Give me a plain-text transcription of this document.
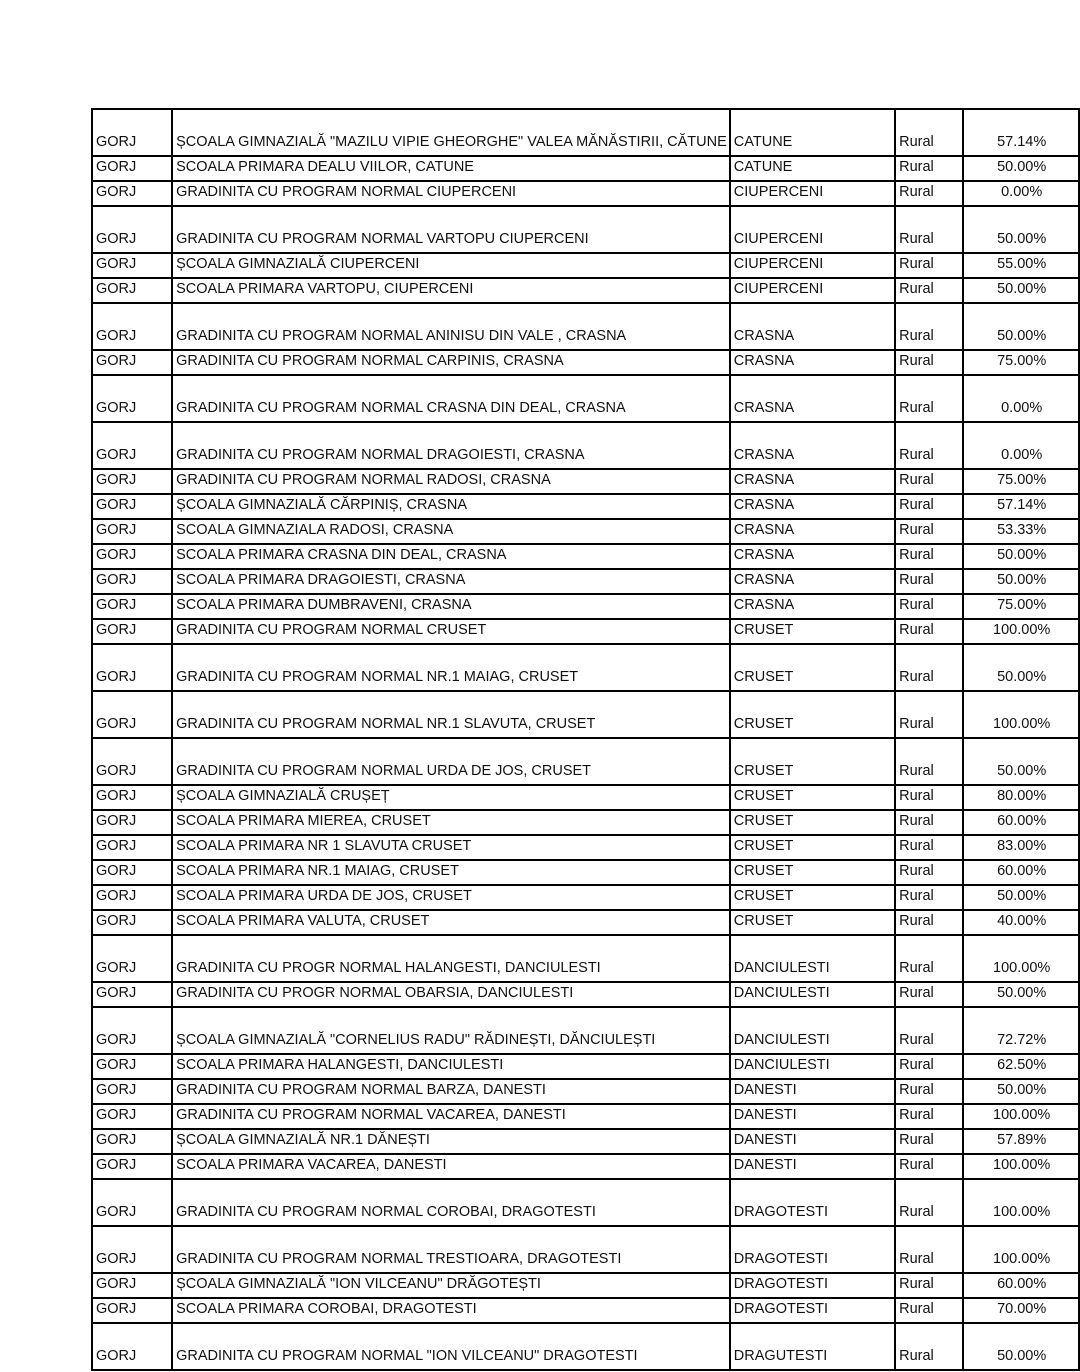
GORJ	ȘCOALA GIMNAZIALĂ "MAZILU VIPIE GHEORGHE" VALEA MĂNĂSTIRII, CĂTUNE	CATUNE	Rural	57.14%
GORJ	SCOALA PRIMARA DEALU VIILOR, CATUNE	CATUNE	Rural	50.00%
GORJ	GRADINITA CU PROGRAM NORMAL CIUPERCENI	CIUPERCENI	Rural	0.00%
GORJ	GRADINITA CU PROGRAM NORMAL VARTOPU CIUPERCENI	CIUPERCENI	Rural	50.00%
GORJ	ȘCOALA GIMNAZIALĂ CIUPERCENI	CIUPERCENI	Rural	55.00%
GORJ	SCOALA PRIMARA VARTOPU, CIUPERCENI	CIUPERCENI	Rural	50.00%
GORJ	GRADINITA CU PROGRAM NORMAL ANINISU DIN VALE , CRASNA	CRASNA	Rural	50.00%
GORJ	GRADINITA CU PROGRAM NORMAL CARPINIS, CRASNA	CRASNA	Rural	75.00%
GORJ	GRADINITA CU PROGRAM NORMAL CRASNA DIN DEAL, CRASNA	CRASNA	Rural	0.00%
GORJ	GRADINITA CU PROGRAM NORMAL DRAGOIESTI, CRASNA	CRASNA	Rural	0.00%
GORJ	GRADINITA CU PROGRAM NORMAL RADOSI, CRASNA	CRASNA	Rural	75.00%
GORJ	ȘCOALA GIMNAZIALĂ CĂRPINIȘ, CRASNA	CRASNA	Rural	57.14%
GORJ	SCOALA GIMNAZIALA RADOSI, CRASNA	CRASNA	Rural	53.33%
GORJ	SCOALA PRIMARA CRASNA DIN DEAL, CRASNA	CRASNA	Rural	50.00%
GORJ	SCOALA PRIMARA DRAGOIESTI, CRASNA	CRASNA	Rural	50.00%
GORJ	SCOALA PRIMARA DUMBRAVENI, CRASNA	CRASNA	Rural	75.00%
GORJ	GRADINITA CU PROGRAM NORMAL CRUSET	CRUSET	Rural	100.00%
GORJ	GRADINITA CU PROGRAM NORMAL NR.1 MAIAG, CRUSET	CRUSET	Rural	50.00%
GORJ	GRADINITA CU PROGRAM NORMAL NR.1 SLAVUTA, CRUSET	CRUSET	Rural	100.00%
GORJ	GRADINITA CU PROGRAM NORMAL URDA DE JOS, CRUSET	CRUSET	Rural	50.00%
GORJ	ȘCOALA GIMNAZIALĂ CRUȘEȚ	CRUSET	Rural	80.00%
GORJ	SCOALA PRIMARA MIEREA, CRUSET	CRUSET	Rural	60.00%
GORJ	SCOALA PRIMARA NR 1 SLAVUTA CRUSET	CRUSET	Rural	83.00%
GORJ	SCOALA PRIMARA NR.1 MAIAG, CRUSET	CRUSET	Rural	60.00%
GORJ	SCOALA PRIMARA URDA DE JOS, CRUSET	CRUSET	Rural	50.00%
GORJ	SCOALA PRIMARA VALUTA, CRUSET	CRUSET	Rural	40.00%
GORJ	GRADINITA CU PROGR NORMAL HALANGESTI, DANCIULESTI	DANCIULESTI	Rural	100.00%
GORJ	GRADINITA CU PROGR NORMAL OBARSIA, DANCIULESTI	DANCIULESTI	Rural	50.00%
GORJ	ȘCOALA GIMNAZIALĂ "CORNELIUS RADU" RĂDINEȘTI, DĂNCIULEȘTI	DANCIULESTI	Rural	72.72%
GORJ	SCOALA PRIMARA HALANGESTI, DANCIULESTI	DANCIULESTI	Rural	62.50%
GORJ	GRADINITA CU PROGRAM NORMAL BARZA, DANESTI	DANESTI	Rural	50.00%
GORJ	GRADINITA CU PROGRAM NORMAL VACAREA, DANESTI	DANESTI	Rural	100.00%
GORJ	ȘCOALA GIMNAZIALĂ NR.1 DĂNEȘTI	DANESTI	Rural	57.89%
GORJ	SCOALA PRIMARA VACAREA, DANESTI	DANESTI	Rural	100.00%
GORJ	GRADINITA CU PROGRAM NORMAL COROBAI, DRAGOTESTI	DRAGOTESTI	Rural	100.00%
GORJ	GRADINITA CU PROGRAM NORMAL TRESTIOARA, DRAGOTESTI	DRAGOTESTI	Rural	100.00%
GORJ	ȘCOALA GIMNAZIALĂ "ION VILCEANU" DRĂGOTEȘTI	DRAGOTESTI	Rural	60.00%
GORJ	SCOALA PRIMARA COROBAI, DRAGOTESTI	DRAGOTESTI	Rural	70.00%
GORJ	GRADINITA CU PROGRAM NORMAL "ION VILCEANU" DRAGOTESTI	DRAGUTESTI	Rural	50.00%
